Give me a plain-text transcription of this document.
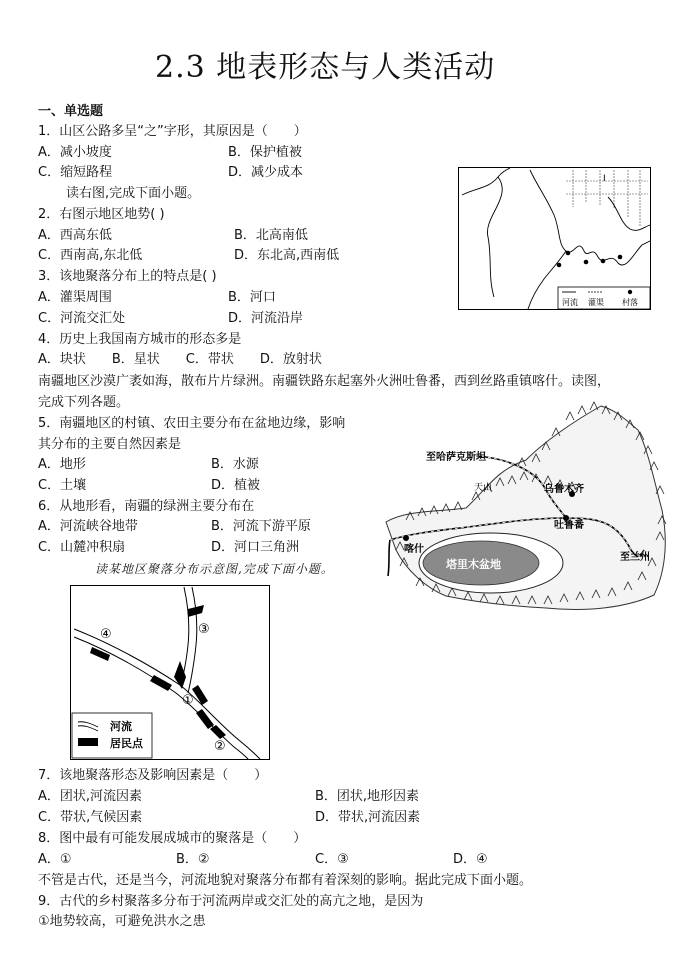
2.3 地表形态与人类活动
一、单选题
1．山区公路多呈“之”字形，其原因是（　　）
A．减小坡度	B．保护植被
C．缩短路程	D．减少成本
读右图,完成下面小题。
2．右图示地区地势( )
A．西高东低	B．北高南低
C．西南高,东北低	D．东北高,西南低
3．该地聚落分布上的特点是( )
A．灌渠周围	B．河口
C．河流交汇处	D．河流沿岸
4．历史上我国南方城市的形态多是
A．块状　　B．星状　　C．带状　　D．放射状
南疆地区沙漠广袤如海，散布片片绿洲。南疆铁路东起塞外火洲吐鲁番，西到丝路重镇喀什。读图，
完成下列各题。
5．南疆地区的村镇、农田主要分布在盆地边缘，影响
其分布的主要自然因素是
A．地形	B．水源
C．土壤	D．植被
6．从地形看，南疆的绿洲主要分布在
A．河流峡谷地带	B．河流下游平原
C．山麓冲积扇	D．河口三角洲
读某地区聚落分布示意图,完成下面小题。
7．该地聚落形态及影响因素是（　　）
A．团状,河流因素	B．团状,地形因素
C．带状,气候因素	D．带状,河流因素
8．图中最有可能发展成城市的聚落是（　　）
A．①	B．②	C．③	D．④
不管是古代，还是当今，河流地貌对聚落分布都有着深刻的影响。据此完成下面小题。
9．古代的乡村聚落多分布于河流两岸或交汇处的高亢之地，是因为
①地势较高，可避免洪水之患
I
河流 灌渠 村落
塔里木盆地
至哈萨克斯坦
天山	乌鲁木齐
吐鲁番
喀什
至兰州
④	③
①
②
河流
居民点
